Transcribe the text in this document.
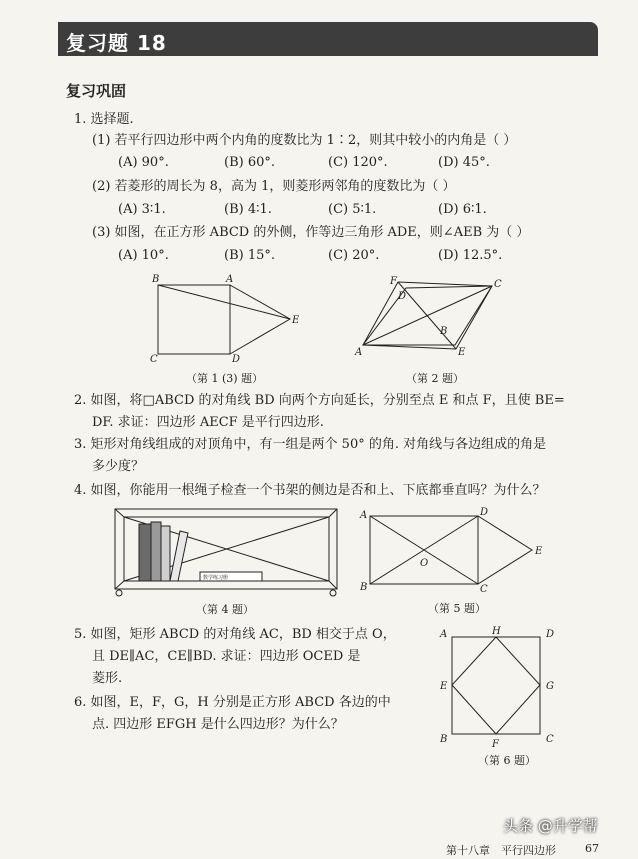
复习题 18
复习巩固
1. 选择题.
(1) 若平行四边形中两个内角的度数比为 1∶2，则其中较小的内角是（ ）
(A) 90°.	(B) 60°.	(C) 120°.	(D) 45°.
(2) 若菱形的周长为 8，高为 1，则菱形两邻角的度数比为（ ）
(A) 3∶1.	(B) 4∶1.	(C) 5∶1.	(D) 6∶1.
(3) 如图，在正方形 ABCD 的外侧，作等边三角形 ADE，则∠AEB 为（ ）
(A) 10°.	(B) 15°.	(C) 20°.	(D) 12.5°.
B	A
E
C	D
F
D
C
A
B
E
（第 1 (3) 题）	（第 2 题）
2. 如图，将□ABCD 的对角线 BD 向两个方向延长，分别至点 E 和点 F，且使 BE=
DF. 求证：四边形 AECF 是平行四边形.
3. 矩形对角线组成的对顶角中，有一组是两个 50° 的角. 对角线与各边组成的角是
多少度？
4. 如图，你能用一根绳子检查一个书架的侧边是否和上、下底都垂直吗？为什么？
数学练习册
（第 4 题）
A	D
E
O
B	C
（第 5 题）
5. 如图，矩形 ABCD 的对角线 AC，BD 相交于点 O，
且 DE∥AC，CE∥BD. 求证：四边形 OCED 是
菱形.
6. 如图，E，F，G，H 分别是正方形 ABCD 各边的中
点. 四边形 EFGH 是什么四边形？为什么？
A	H	D
E	G
B	F	C
（第 6 题）
第十八章　平行四边形	67
头条 @升学帮
